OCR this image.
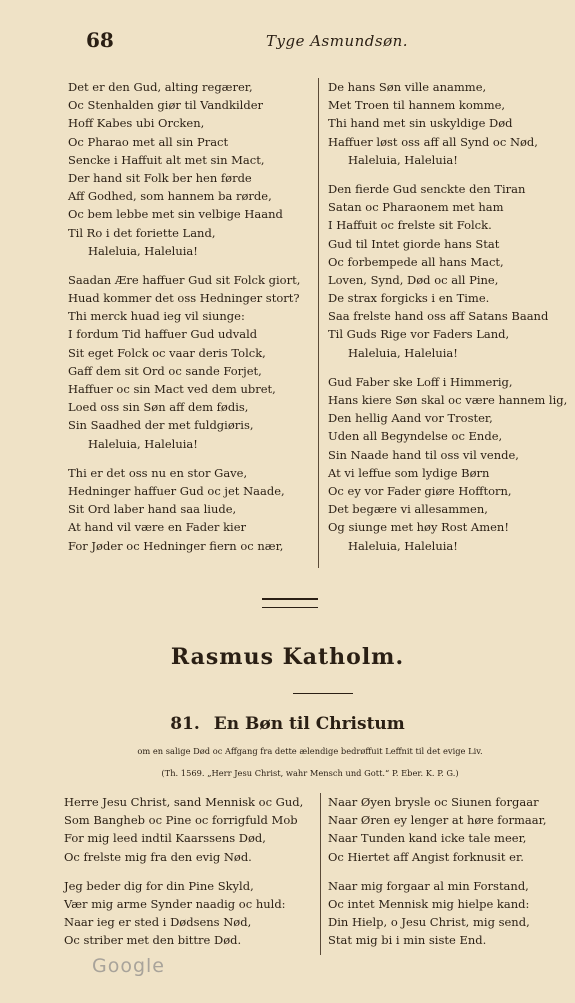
68	Tyge Asmundsøn.
Det er den Gud, alting regærer,
Oc Stenhalden giør til Vandkilder
Hoff Kabes ubi Orcken,
Oc Pharao met all sin Pract
Sencke i Haffuit alt met sin Mact,
Der hand sit Folk ber hen førde
Aff Godhed, som hannem ba rørde,
Oc bem lebbe met sin velbige Haand
Til Ro i det foriette Land,
Haleluia, Haleluia!
Saadan Ære haffuer Gud sit Folck giort,
Huad kommer det oss Hedninger stort?
Thi merck huad ieg vil siunge:
I fordum Tid haffuer Gud udvald
Sit eget Folck oc vaar deris Tolck,
Gaff dem sit Ord oc sande Forjet,
Haffuer oc sin Mact ved dem ubret,
Loed oss sin Søn aff dem fødis,
Sin Saadhed der met fuldgiøris,
Haleluia, Haleluia!
Thi er det oss nu en stor Gave,
Hedninger haffuer Gud oc jet Naade,
Sit Ord laber hand saa liude,
At hand vil være en Fader kier
For Jøder oc Hedninger fiern oc nær,
De hans Søn ville anamme,
Met Troen til hannem komme,
Thi hand met sin uskyldige Død
Haffuer løst oss aff all Synd oc Nød,
Haleluia, Haleluia!
Den fierde Gud senckte den Tiran
Satan oc Pharaonem met ham
I Haffuit oc frelste sit Folck.
Gud til Intet giorde hans Stat
Oc forbempede all hans Mact,
Loven, Synd, Død oc all Pine,
De strax forgicks i en Time.
Saa frelste hand oss aff Satans Baand
Til Guds Rige vor Faders Land,
Haleluia, Haleluia!
Gud Faber ske Loff i Himmerig,
Hans kiere Søn skal oc være hannem lig,
Den hellig Aand vor Troster,
Uden all Begyndelse oc Ende,
Sin Naade hand til oss vil vende,
At vi leffue som lydige Børn
Oc ey vor Fader giøre Hofftorn,
Det begære vi allesammen,
Og siunge met høy Rost Amen!
Haleluia, Haleluia!
Rasmus Katholm.
81. En Bøn til Christum
om en salige Død oc Affgang fra dette ælendige bedrøffuit Leffnit til det evige Liv.
(Th. 1569. „Herr Jesu Christ, wahr Mensch und Gott.“ P. Eber. K. P. G.)
Herre Jesu Christ, sand Mennisk oc Gud,
Som Bangheb oc Pine oc forrigfuld Mob
For mig leed indtil Kaarssens Død,
Oc frelste mig fra den evig Nød.
Jeg beder dig for din Pine Skyld,
Vær mig arme Synder naadig oc huld:
Naar ieg er sted i Dødsens Nød,
Oc striber met den bittre Død.
Naar Øyen brysle oc Siunen forgaar
Naar Øren ey lenger at høre formaar,
Naar Tunden kand icke tale meer,
Oc Hiertet aff Angist forknusit er.
Naar mig forgaar al min Forstand,
Oc intet Mennisk mig hielpe kand:
Din Hielp, o Jesu Christ, mig send,
Stat mig bi i min siste End.
Google
